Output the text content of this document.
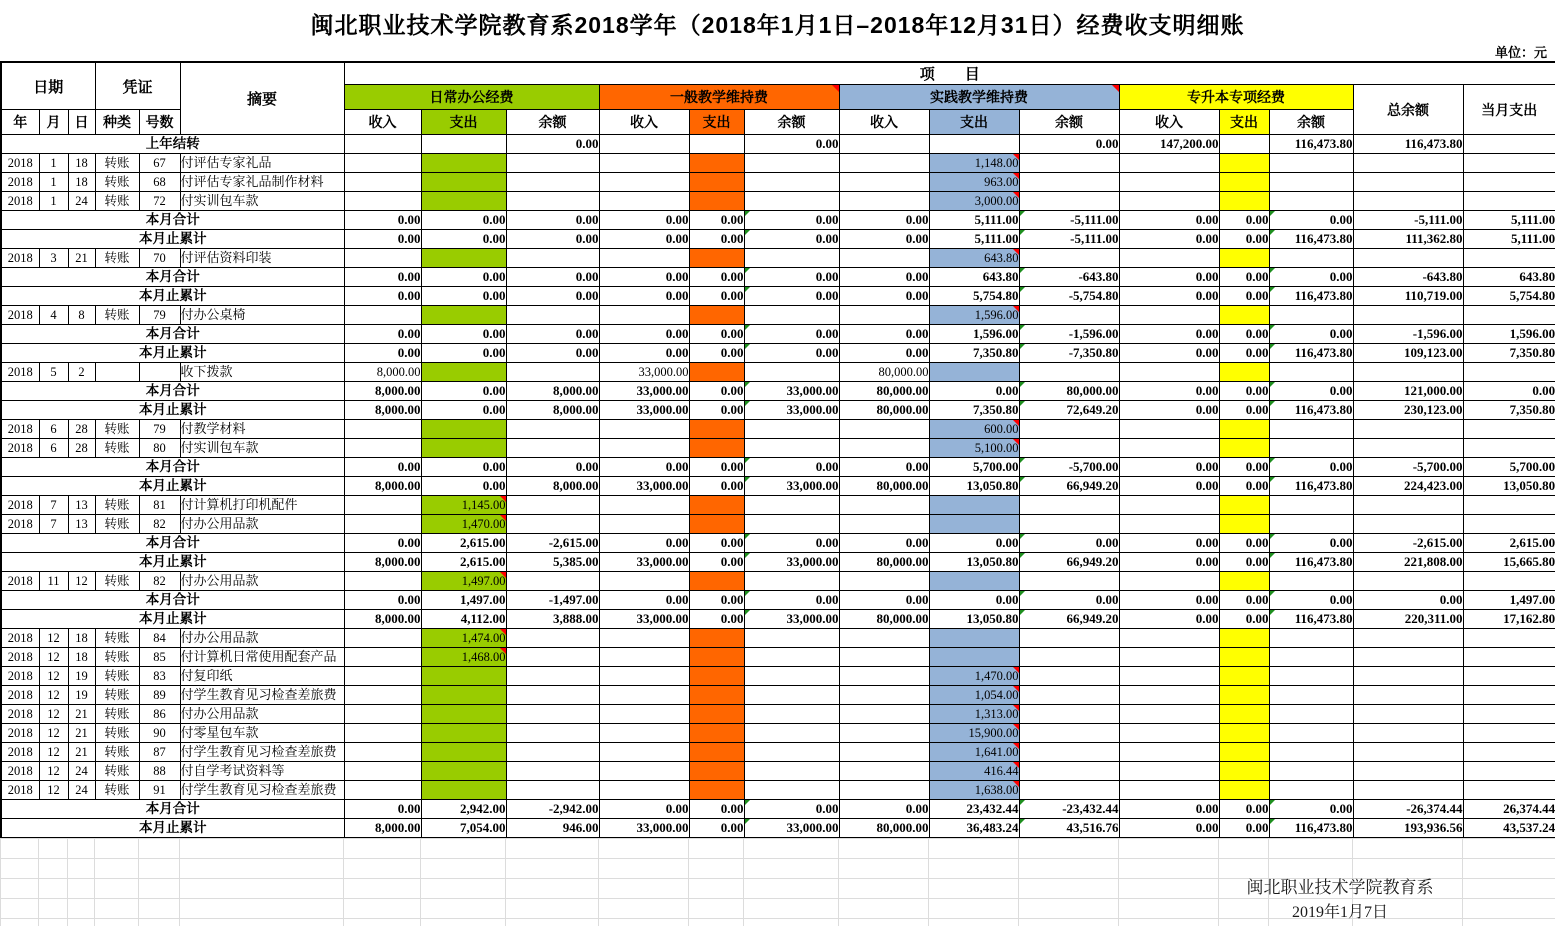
闽北职业技术学院教育系2018学年（2018年1月1日–2018年12月31日）经费收支明细账
单位：元
日期			凭证		摘要	项　　目													
						日常办公经费			一般教学维持费			实践教学维持费			专升本专项经费			总余额	当月支出
年	月	日	种类	号数		收入	支出	余额	收入	支出	余额	收入	支出	余额	收入	支出	余额		
上年结转								0.00			0.00			0.00	147,200.00		116,473.80	116,473.80	
2018	1	18	转账	67	付评估专家礼品								1,148.00						
2018	1	18	转账	68	付评估专家礼品制作材料								963.00						
2018	1	24	转账	72	付实训包车款								3,000.00						
本月合计						0.00	0.00	0.00	0.00	0.00	0.00	0.00	5,111.00	-5,111.00	0.00	0.00	0.00	-5,111.00	5,111.00
本月止累计						0.00	0.00	0.00	0.00	0.00	0.00	0.00	5,111.00	-5,111.00	0.00	0.00	116,473.80	111,362.80	5,111.00
2018	3	21	转账	70	付评估资料印装								643.80						
本月合计						0.00	0.00	0.00	0.00	0.00	0.00	0.00	643.80	-643.80	0.00	0.00	0.00	-643.80	643.80
本月止累计						0.00	0.00	0.00	0.00	0.00	0.00	0.00	5,754.80	-5,754.80	0.00	0.00	116,473.80	110,719.00	5,754.80
2018	4	8	转账	79	付办公桌椅								1,596.00						
本月合计						0.00	0.00	0.00	0.00	0.00	0.00	0.00	1,596.00	-1,596.00	0.00	0.00	0.00	-1,596.00	1,596.00
本月止累计						0.00	0.00	0.00	0.00	0.00	0.00	0.00	7,350.80	-7,350.80	0.00	0.00	116,473.80	109,123.00	7,350.80
2018	5	2			收下拨款	8,000.00			33,000.00			80,000.00							
本月合计						8,000.00	0.00	8,000.00	33,000.00	0.00	33,000.00	80,000.00	0.00	80,000.00	0.00	0.00	0.00	121,000.00	0.00
本月止累计						8,000.00	0.00	8,000.00	33,000.00	0.00	33,000.00	80,000.00	7,350.80	72,649.20	0.00	0.00	116,473.80	230,123.00	7,350.80
2018	6	28	转账	79	付教学材料								600.00						
2018	6	28	转账	80	付实训包车款								5,100.00						
本月合计						0.00	0.00	0.00	0.00	0.00	0.00	0.00	5,700.00	-5,700.00	0.00	0.00	0.00	-5,700.00	5,700.00
本月止累计						8,000.00	0.00	8,000.00	33,000.00	0.00	33,000.00	80,000.00	13,050.80	66,949.20	0.00	0.00	116,473.80	224,423.00	13,050.80
2018	7	13	转账	81	付计算机打印机配件		1,145.00												
2018	7	13	转账	82	付办公用品款		1,470.00												
本月合计						0.00	2,615.00	-2,615.00	0.00	0.00	0.00	0.00	0.00	0.00	0.00	0.00	0.00	-2,615.00	2,615.00
本月止累计						8,000.00	2,615.00	5,385.00	33,000.00	0.00	33,000.00	80,000.00	13,050.80	66,949.20	0.00	0.00	116,473.80	221,808.00	15,665.80
2018	11	12	转账	82	付办公用品款		1,497.00												
本月合计						0.00	1,497.00	-1,497.00	0.00	0.00	0.00	0.00	0.00	0.00	0.00	0.00	0.00	0.00	1,497.00
本月止累计						8,000.00	4,112.00	3,888.00	33,000.00	0.00	33,000.00	80,000.00	13,050.80	66,949.20	0.00	0.00	116,473.80	220,311.00	17,162.80
2018	12	18	转账	84	付办公用品款		1,474.00												
2018	12	18	转账	85	付计算机日常使用配套产品		1,468.00												
2018	12	19	转账	83	付复印纸								1,470.00						
2018	12	19	转账	89	付学生教育见习检查差旅费								1,054.00						
2018	12	21	转账	86	付办公用品款								1,313.00						
2018	12	21	转账	90	付零星包车款								15,900.00						
2018	12	21	转账	87	付学生教育见习检查差旅费								1,641.00						
2018	12	24	转账	88	付自学考试资料等								416.44						
2018	12	24	转账	91	付学生教育见习检查差旅费								1,638.00						
本月合计						0.00	2,942.00	-2,942.00	0.00	0.00	0.00	0.00	23,432.44	-23,432.44	0.00	0.00	0.00	-26,374.44	26,374.44
本月止累计						8,000.00	7,054.00	946.00	33,000.00	0.00	33,000.00	80,000.00	36,483.24	43,516.76	0.00	0.00	116,473.80	193,936.56	43,537.24

闽北职业技术学院教育系
2019年1月7日
